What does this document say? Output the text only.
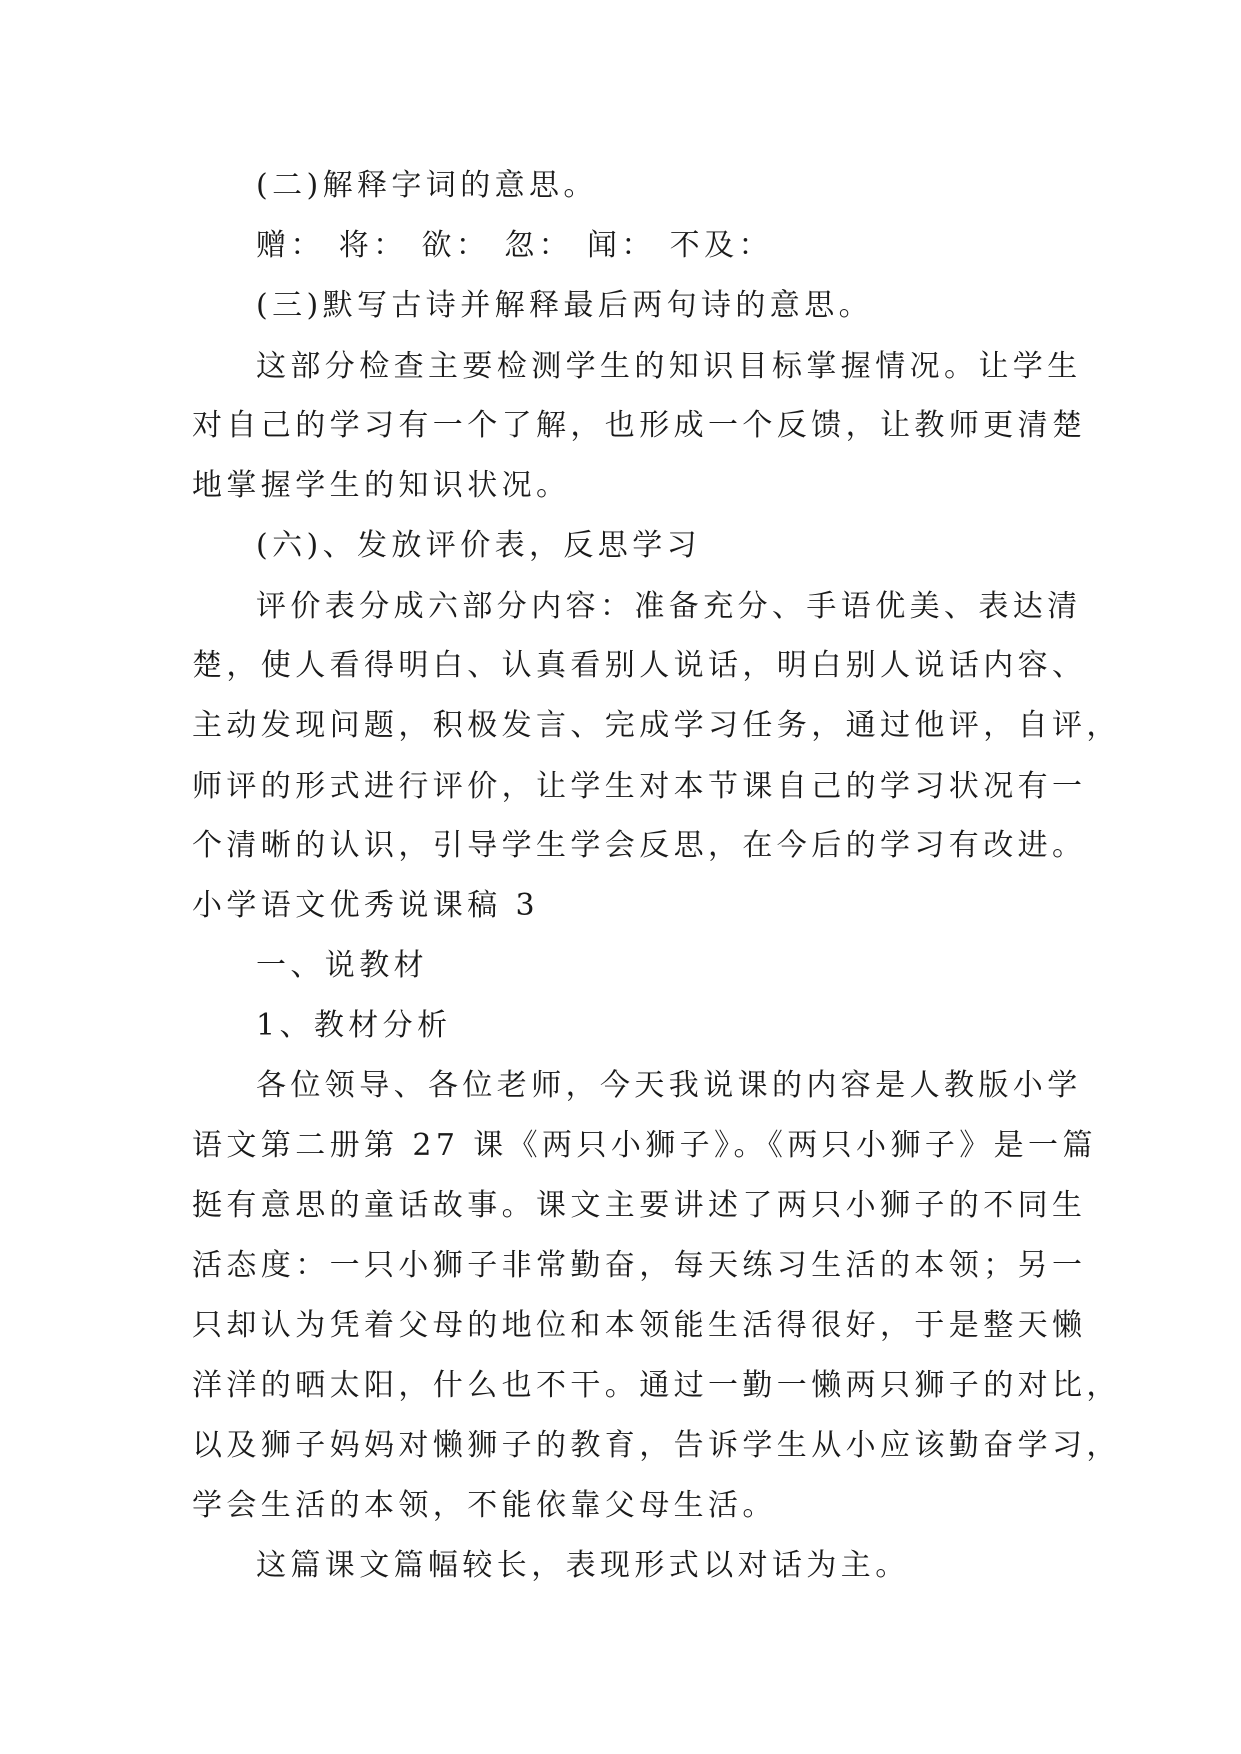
(二)解释字词的意思。
赠： 将： 欲： 忽： 闻： 不及：
(三)默写古诗并解释最后两句诗的意思。
这部分检查主要检测学生的知识目标掌握情况。让学生
对自己的学习有一个了解，也形成一个反馈，让教师更清楚
地掌握学生的知识状况。
(六)、发放评价表，反思学习
评价表分成六部分内容：准备充分、手语优美、表达清
楚，使人看得明白、认真看别人说话，明白别人说话内容、
主动发现问题，积极发言、完成学习任务，通过他评，自评，
师评的形式进行评价，让学生对本节课自己的学习状况有一
个清晰的认识，引导学生学会反思，在今后的学习有改进。
小学语文优秀说课稿 3
一、说教材
1、教材分析
各位领导、各位老师，今天我说课的内容是人教版小学
语文第二册第 27 课《两只小狮子》。《两只小狮子》是一篇
挺有意思的童话故事。课文主要讲述了两只小狮子的不同生
活态度：一只小狮子非常勤奋，每天练习生活的本领；另一
只却认为凭着父母的地位和本领能生活得很好，于是整天懒
洋洋的晒太阳，什么也不干。通过一勤一懒两只狮子的对比，
以及狮子妈妈对懒狮子的教育，告诉学生从小应该勤奋学习，
学会生活的本领，不能依靠父母生活。
这篇课文篇幅较长，表现形式以对话为主。
